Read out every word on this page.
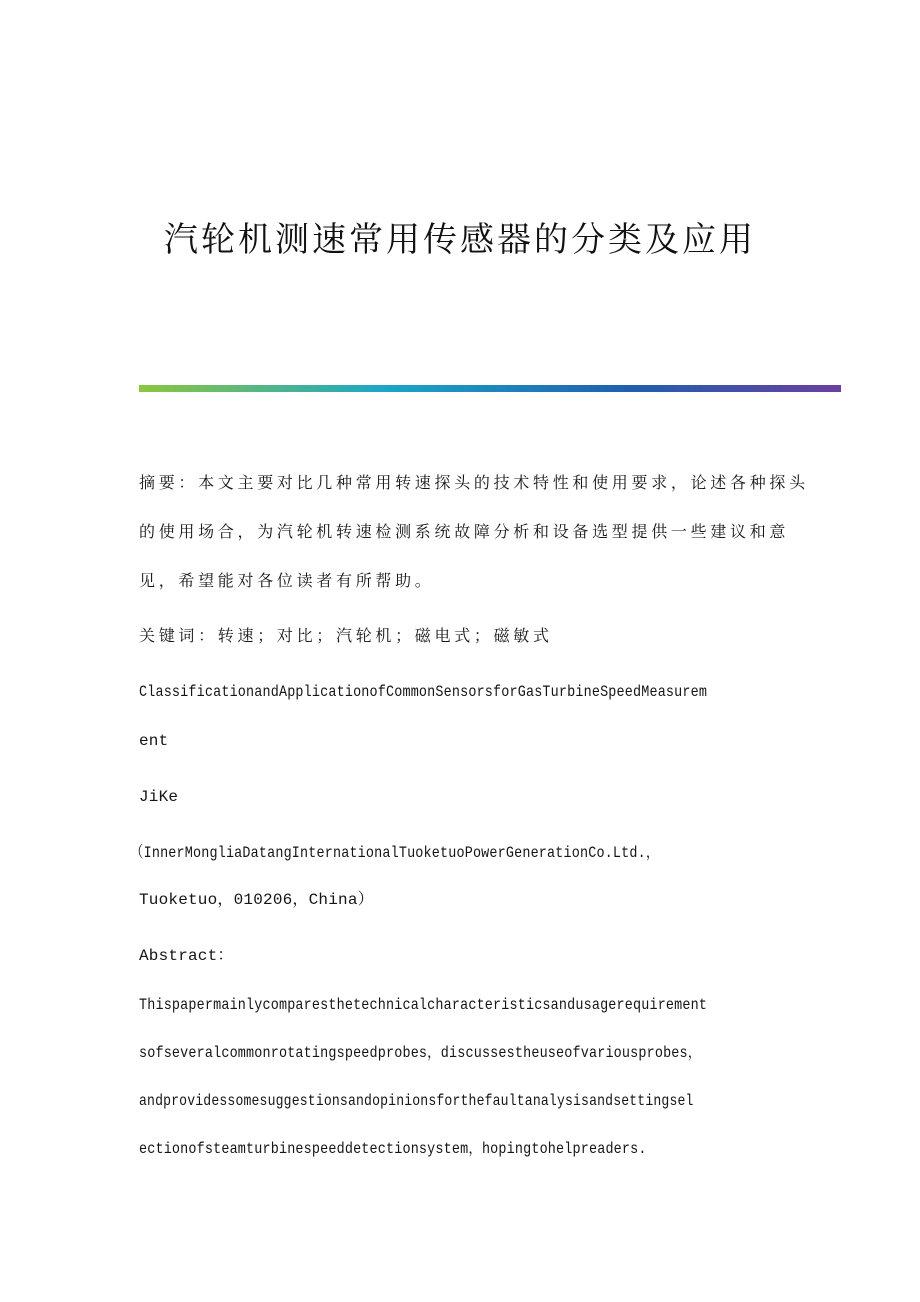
汽轮机测速常用传感器的分类及应用
摘要：本文主要对比几种常用转速探头的技术特性和使用要求，论述各种探头
的使用场合，为汽轮机转速检测系统故障分析和设备选型提供一些建议和意
见，希望能对各位读者有所帮助。
关键词：转速；对比；汽轮机；磁电式；磁敏式
ClassificationandApplicationofCommonSensorsforGasTurbineSpeedMeasurem
ent
JiKe
（InnerMongliaDatangInternationalTuoketuoPowerGenerationCo.Ltd.，
Tuoketuo，010206，China）
Abstract：
Thispapermainlycomparesthetechnicalcharacteristicsandusagerequirement
sofseveralcommonrotatingspeedprobes，discussestheuseofvariousprobes，
andprovidessomesuggestionsandopinionsforthefaultanalysisandsettingsel
ectionofsteamturbinespeeddetectionsystem，hopingtohelpreaders.
